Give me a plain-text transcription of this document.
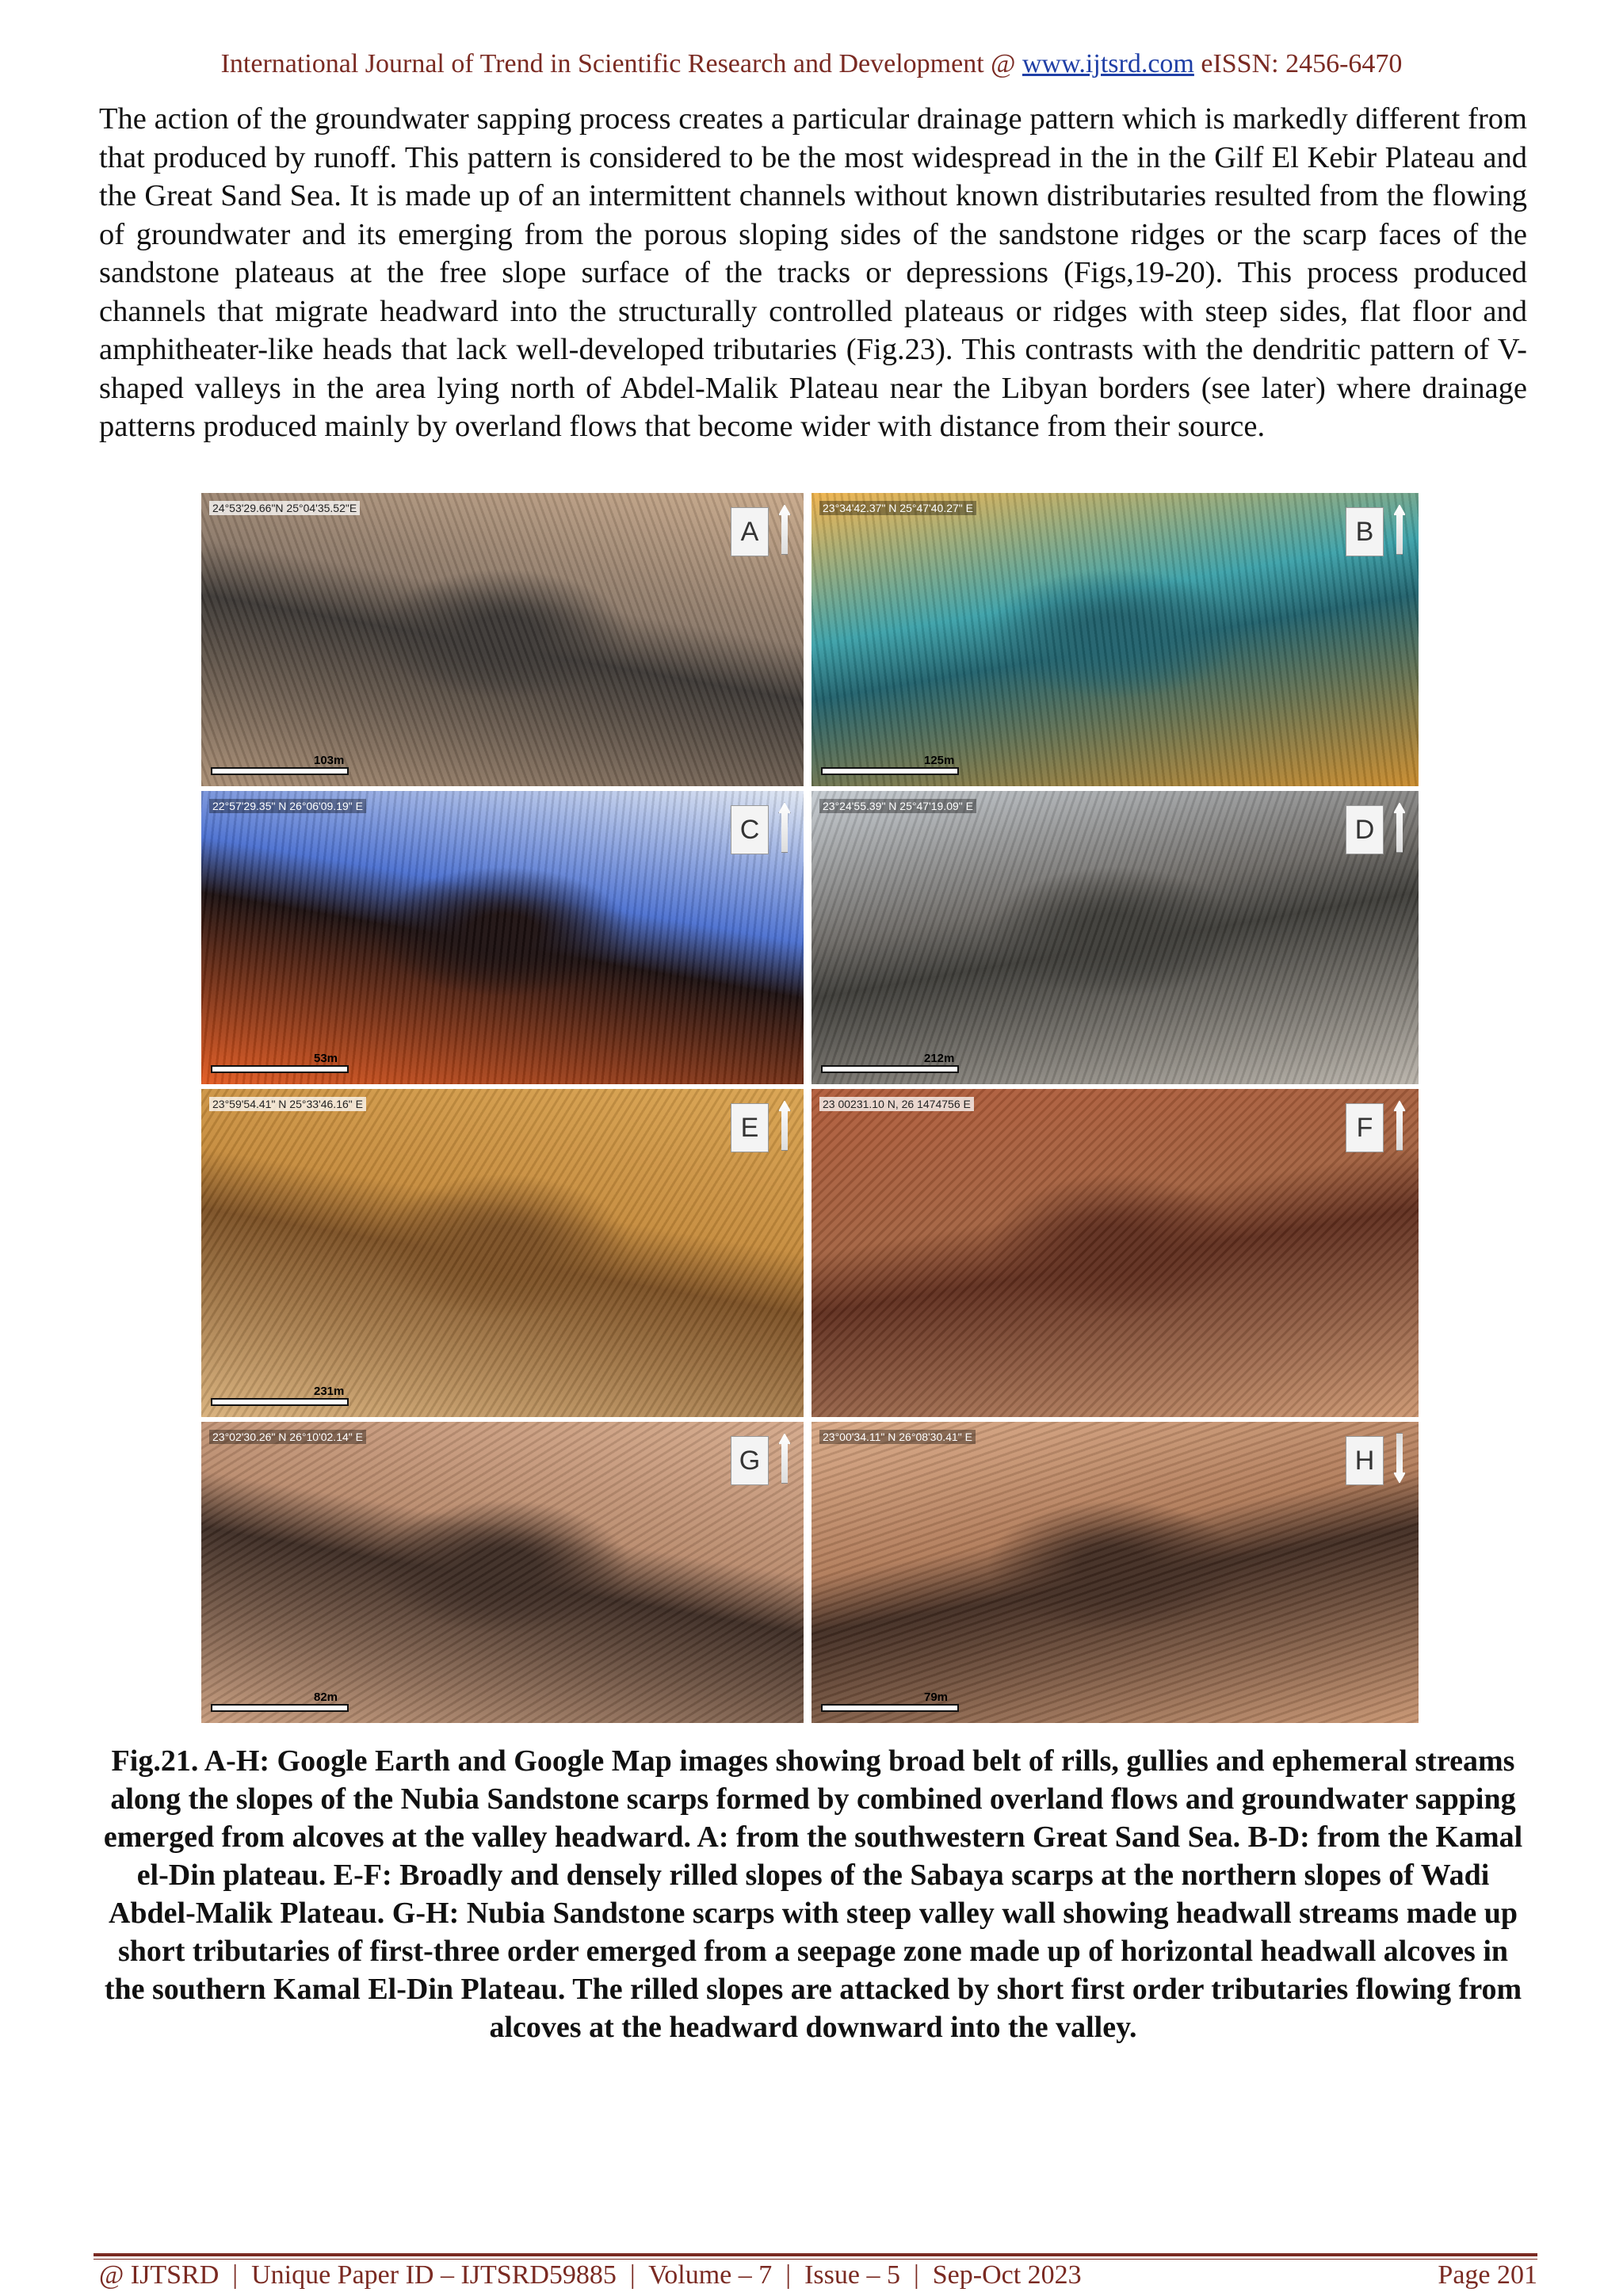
International Journal of Trend in Scientific Research and Development @ www.ijtsrd.com eISSN: 2456-6470
The action of the groundwater sapping process creates a particular drainage pattern which is markedly different from that produced by runoff. This pattern is considered to be the most widespread in the in the Gilf El Kebir Plateau and the Great Sand Sea. It is made up of an intermittent channels without known distributaries resulted from the flowing of groundwater and its emerging from the porous sloping sides of the sandstone ridges or the scarp faces of the sandstone plateaus at the free slope surface of the tracks or depressions (Figs,19-20). This process produced channels that migrate headward into the structurally controlled plateaus or ridges with steep sides, flat floor and amphitheater-like heads that lack well-developed tributaries (Fig.23). This contrasts with the dendritic pattern of V-shaped valleys in the area lying north of Abdel-Malik Plateau near the Libyan borders (see later) where drainage patterns produced mainly by overland flows that become wider with distance from their source.
24°53'29.66"N 25°04'35.52"E
A
103m
23°34'42.37" N 25°47'40.27" E
B
125m
22°57'29.35" N 26°06'09.19" E
C
53m
23°24'55.39" N 25°47'19.09" E
D
212m
23°59'54.41" N 25°33'46.16" E
E
231m
23 00231.10 N, 26 1474756 E
F
23°02'30.26" N 26°10'02.14" E
G
82m
23°00'34.11" N 26°08'30.41" E
H
79m
Fig.21. A-H: Google Earth and Google Map images showing broad belt of rills, gullies and ephemeral streams along the slopes of the Nubia Sandstone scarps formed by combined overland flows and groundwater sapping emerged from alcoves at the valley headward. A: from the southwestern Great Sand Sea. B-D: from the Kamal el-Din plateau. E-F: Broadly and densely rilled slopes of the Sabaya scarps at the northern slopes of Wadi Abdel-Malik Plateau. G-H: Nubia Sandstone scarps with steep valley wall showing headwall streams made up short tributaries of first-three order emerged from a seepage zone made up of horizontal headwall alcoves in the southern Kamal El-Din Plateau. The rilled slopes are attacked by short first order tributaries flowing from alcoves at the headward downward into the valley.
@ IJTSRD  |  Unique Paper ID – IJTSRD59885  |  Volume – 7  |  Issue – 5  |  Sep-Oct 2023	Page 201
